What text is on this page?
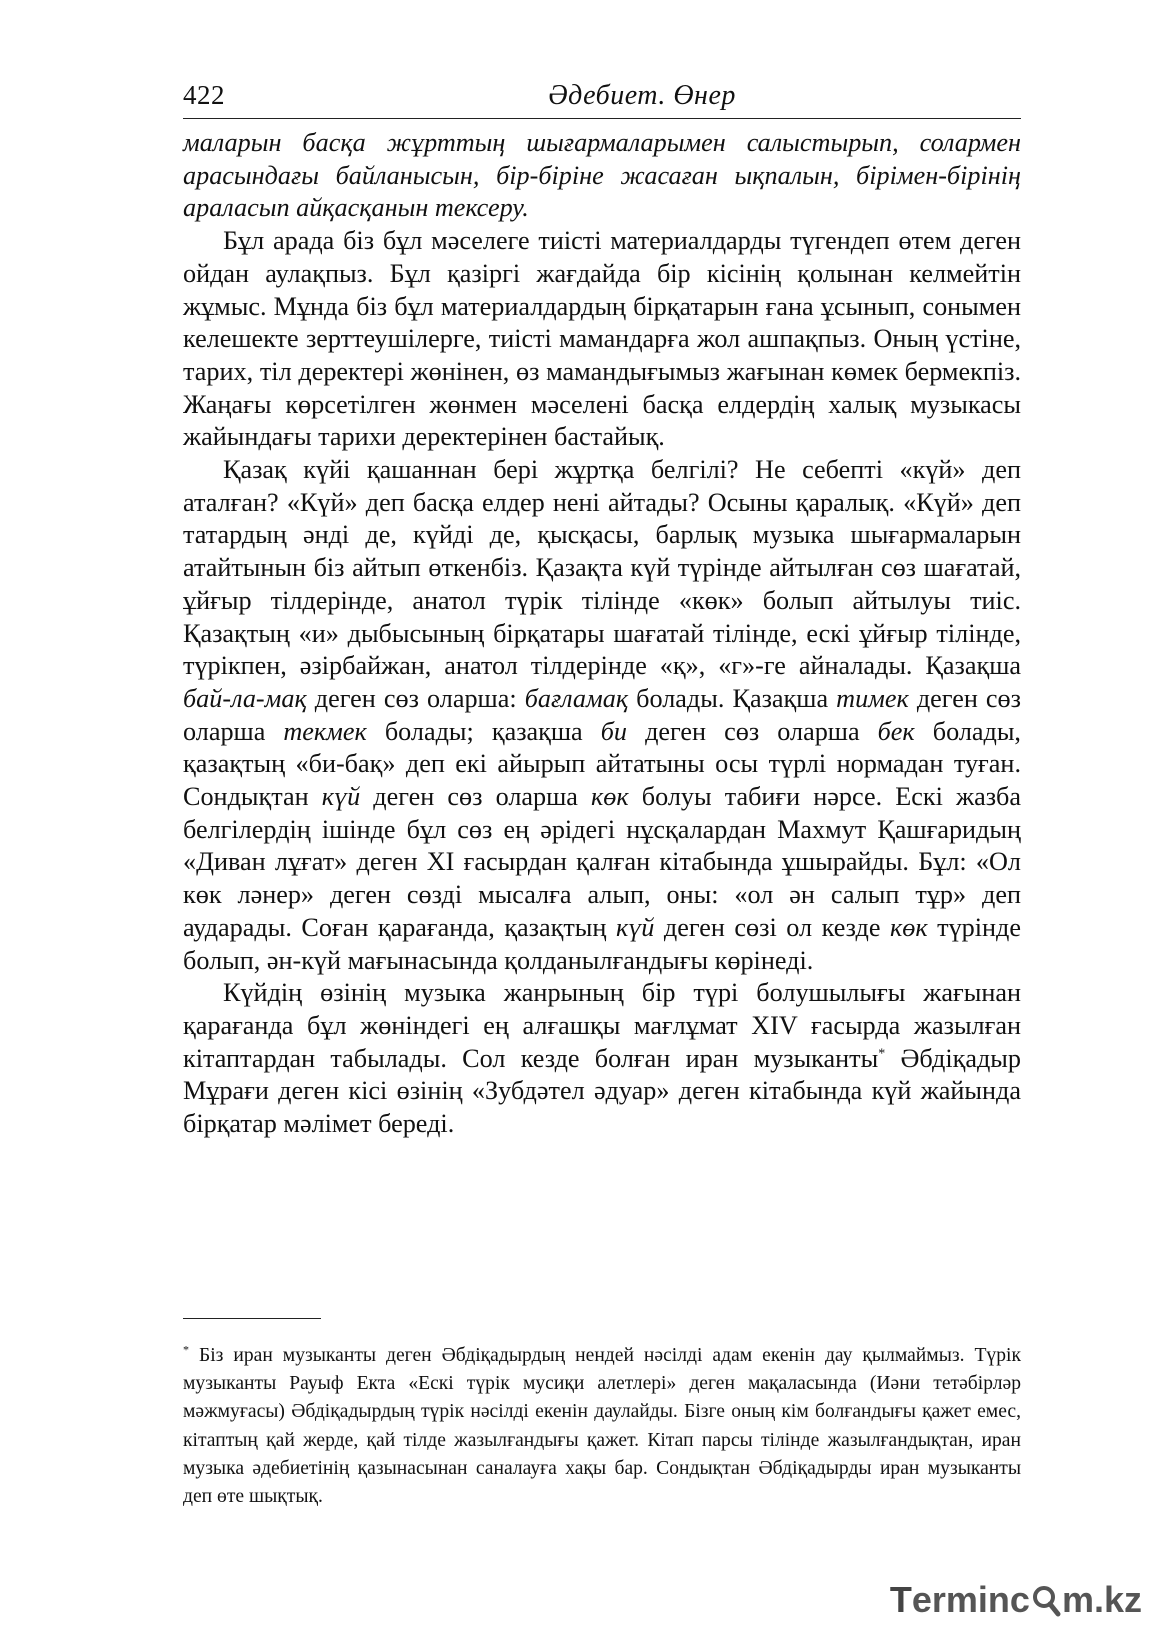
422	Әдебиет. Өнер

маларын басқа жұрттың шығармаларымен салыстырып, солармен арасындағы байланысын, бір-біріне жасаған ықпалын, бірімен-бірінің араласып айқасқанын тексеру.

Бұл арада біз бұл мәселеге тиісті материалдарды түгендеп өтем деген ойдан аулақпыз. Бұл қазіргі жағдайда бір кісінің қолынан келмейтін жұмыс. Мұнда біз бұл материалдардың бірқатарын ғана ұсынып, сонымен келешекте зерттеушілерге, тиісті мамандарға жол ашпақпыз. Оның үстіне, тарих, тіл деректері жөнінен, өз мамандығымыз жағынан көмек бермекпіз. Жаңағы көрсетілген жөнмен мәселені басқа елдердің халық музыкасы жайындағы тарихи деректерінен бастайық.

Қазақ күйі қашаннан бері жұртқа белгілі? Не себепті «күй» деп аталған? «Күй» деп басқа елдер нені айтады? Осыны қаралық. «Күй» деп татардың әнді де, күйді де, қысқасы, барлық музыка шығармаларын атайтынын біз айтып өткенбіз. Қазақта күй түрінде айтылған сөз шағатай, ұйғыр тілдерінде, анатол түрік тілінде «көк» болып айтылуы тиіс. Қазақтың «и» дыбысының бірқатары шағатай тілінде, ескі ұйғыр тілінде, түрікпен, әзірбайжан, анатол тілдерінде «қ», «г»-ге айналады. Қазақша бай-ла-мақ деген сөз оларша: бағламақ болады. Қазақша тимек деген сөз оларша текмек болады; қазақша би деген сөз оларша бек болады, қазақтың «би-бақ» деп екі айырып айтатыны осы түрлі нормадан туған. Сондықтан күй деген сөз оларша көк болуы табиғи нәрсе. Ескі жазба белгілердің ішінде бұл сөз ең әрідегі нұсқалардан Махмут Қашғаридың «Диван лұғат» деген XI ғасырдан қалған кітабында ұшырайды. Бұл: «Ол көк ләнер» деген сөзді мысалға алып, оны: «ол ән салып тұр» деп аударады. Соған қарағанда, қазақтың күй деген сөзі ол кезде көк түрінде болып, ән-күй мағынасында қолданылғандығы көрінеді.

Күйдің өзінің музыка жанрының бір түрі болушылығы жағынан қарағанда бұл жөніндегі ең алғашқы мағлұмат XIV ғасырда жазылған кітаптардан табылады. Сол кезде болған иран музыканты* Әбдіқадыр Мұрағи деген кісі өзінің «Зубдәтел әдуар» деген кітабында күй жайында бірқатар мәлімет береді.

* Біз иран музыканты деген Әбдіқадырдың нендей нәсілді адам екенін дау қылмаймыз. Түрік музыканты Рауыф Екта «Ескі түрік мусиқи алетлері» деген мақаласында (Иәни тетәбірләр мәжмуғасы) Әбдіқадырдың түрік нәсілді екенін даулайды. Бізге оның кім болғандығы қажет емес, кітаптың қай жерде, қай тілде жазылғандығы қажет. Кітап парсы тілінде жазылғандықтан, иран музыка әдебиетінің қазынасынан саналауға хақы бар. Сондықтан Әбдіқадырды иран музыканты деп өте шықтық.

T erminc m.kz
